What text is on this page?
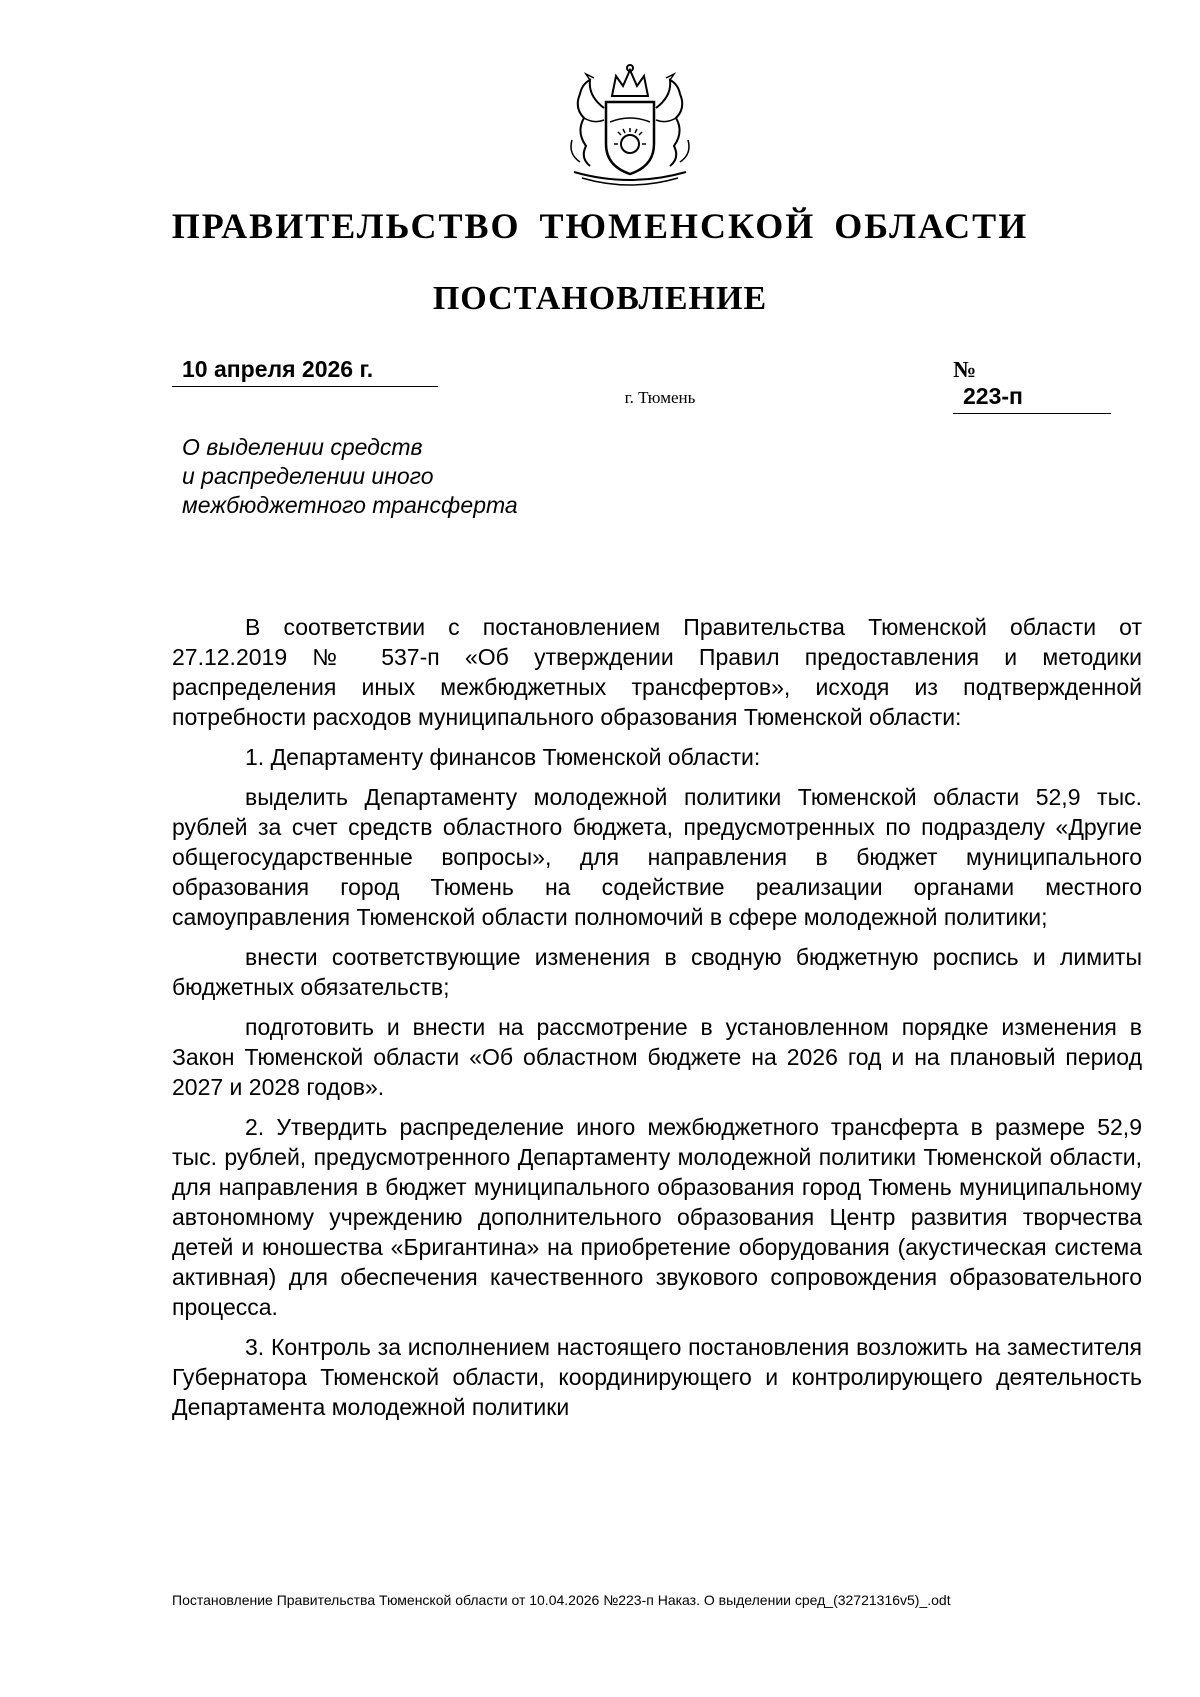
ПРАВИТЕЛЬСТВО ТЮМЕНСКОЙ ОБЛАСТИ
ПОСТАНОВЛЕНИЕ
10 апреля 2026 г.	№ 223-п
г. Тюмень
О выделении средств
и распределении иного
межбюджетного трансферта

В соответствии с постановлением Правительства Тюменской области от 27.12.2019 № 537-п «Об утверждении Правил предоставления и методики распределения иных межбюджетных трансфертов», исходя из подтвержденной потребности расходов муниципального образования Тюменской области:

1. Департаменту финансов Тюменской области:

выделить Департаменту молодежной политики Тюменской области 52,9 тыс. рублей за счет средств областного бюджета, предусмотренных по подразделу «Другие общегосударственные вопросы», для направления в бюджет муниципального образования город Тюмень на содействие реализации органами местного самоуправления Тюменской области полномочий в сфере молодежной политики;

внести соответствующие изменения в сводную бюджетную роспись и лимиты бюджетных обязательств;

подготовить и внести на рассмотрение в установленном порядке изменения в Закон Тюменской области «Об областном бюджете на 2026 год и на плановый период 2027 и 2028 годов».

2. Утвердить распределение иного межбюджетного трансферта в размере 52,9 тыс. рублей, предусмотренного Департаменту молодежной политики Тюменской области, для направления в бюджет муниципального образования город Тюмень муниципальному автономному учреждению дополнительного образования Центр развития творчества детей и юношества «Бригантина» на приобретение оборудования (акустическая система активная) для обеспечения качественного звукового сопровождения образовательного процесса.

3. Контроль за исполнением настоящего постановления возложить на заместителя Губернатора Тюменской области, координирующего и контролирующего деятельность Департамента молодежной политики

Постановление Правительства Тюменской области от 10.04.2026 №223-п Наказ. О выделении сред_(32721316v5)_.odt
